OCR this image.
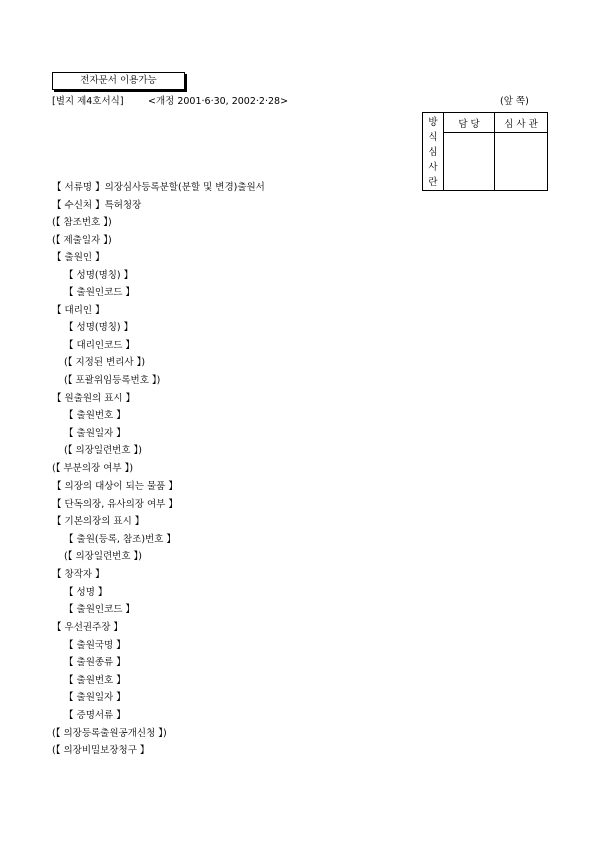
전자문서 이용가능
[별지 제4호서식]	<개정 2001·6·30, 2002·2·28>	(앞 쪽)
방
식
심
사
란	담 당	심 사 관

【 서류명 】의장심사등록분할(분할 및 변경)출원서
【 수신처 】특허청장
(【 참조번호 】)
(【 제출일자 】)
【 출원인 】
【 성명(명칭) 】
【 출원인코드 】
【 대리인 】
【 성명(명칭) 】
【 대리인코드 】
(【 지정된 변리사 】)
(【 포괄위임등록번호 】)
【 원출원의 표시 】
【 출원번호 】
【 출원일자 】
(【 의장일련번호 】)
(【 부분의장 여부 】)
【 의장의 대상이 되는 물품 】
【 단독의장, 유사의장 여부 】
【 기본의장의 표시 】
【 출원(등록, 참조)번호 】
(【 의장일련번호 】)
【 창작자 】
【 성명 】
【 출원인코드 】
【 우선권주장 】
【 출원국명 】
【 출원종류 】
【 출원번호 】
【 출원일자 】
【 증명서류 】
(【 의장등록출원공개신청 】)
(【 의장비밀보장청구 】
